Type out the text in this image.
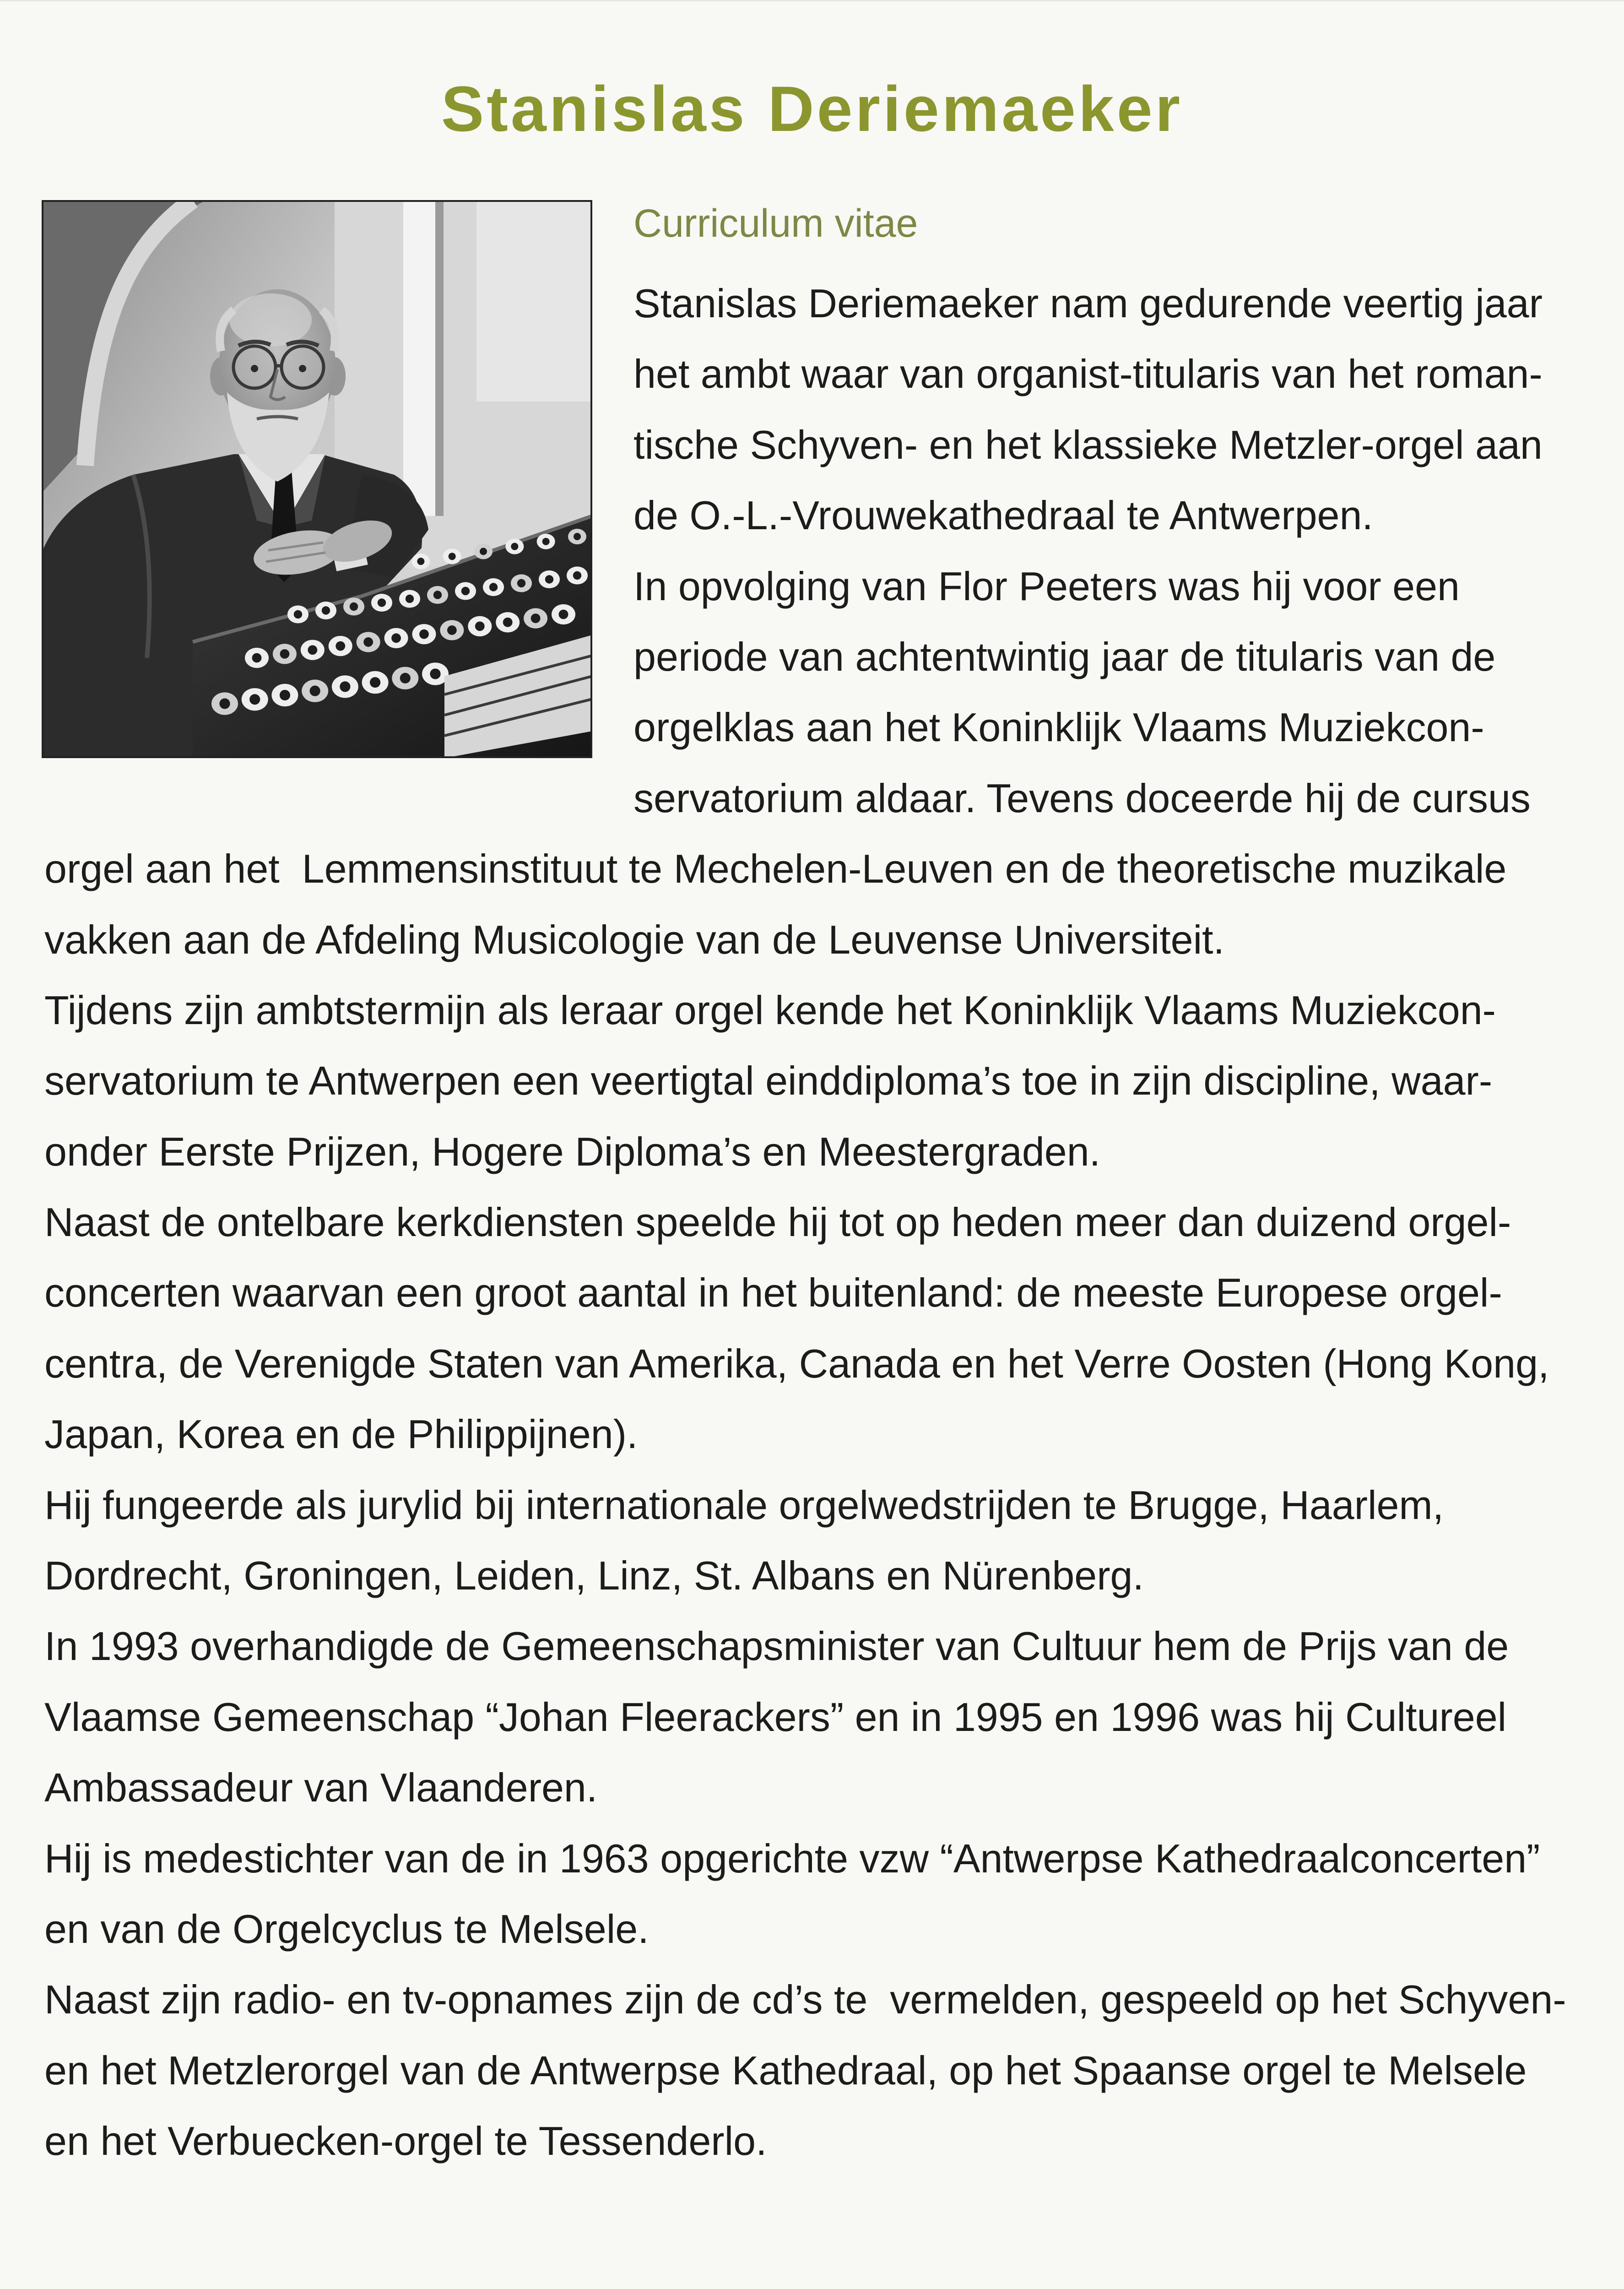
Stanislas Deriemaeker
Curriculum vitae
Stanislas Deriemaeker nam gedurende veertig jaar
het ambt waar van organist-titularis van het roman-
tische Schyven- en het klassieke Metzler-orgel aan
de O.-L.-Vrouwekathedraal te Antwerpen.
In opvolging van Flor Peeters was hij voor een
periode van achtentwintig jaar de titularis van de
orgelklas aan het Koninklijk Vlaams Muziekcon-
servatorium aldaar. Tevens doceerde hij de cursus
orgel aan het  Lemmensinstituut te Mechelen-Leuven en de theoretische muzikale
vakken aan de Afdeling Musicologie van de Leuvense Universiteit.
Tijdens zijn ambtstermijn als leraar orgel kende het Koninklijk Vlaams Muziekcon-
servatorium te Antwerpen een veertigtal einddiploma’s toe in zijn discipline, waar-
onder Eerste Prijzen, Hogere Diploma’s en Meestergraden.
Naast de ontelbare kerkdiensten speelde hij tot op heden meer dan duizend orgel-
concerten waarvan een groot aantal in het buitenland: de meeste Europese orgel-
centra, de Verenigde Staten van Amerika, Canada en het Verre Oosten (Hong Kong,
Japan, Korea en de Philippijnen).
Hij fungeerde als jurylid bij internationale orgelwedstrijden te Brugge, Haarlem,
Dordrecht, Groningen, Leiden, Linz, St. Albans en Nürenberg.
In 1993 overhandigde de Gemeenschapsminister van Cultuur hem de Prijs van de
Vlaamse Gemeenschap “Johan Fleerackers” en in 1995 en 1996 was hij Cultureel
Ambassadeur van Vlaanderen.
Hij is medestichter van de in 1963 opgerichte vzw “Antwerpse Kathedraalconcerten”
en van de Orgelcyclus te Melsele.
Naast zijn radio- en tv-opnames zijn de cd’s te  vermelden, gespeeld op het Schyven-
en het Metzlerorgel van de Antwerpse Kathedraal, op het Spaanse orgel te Melsele
en het Verbuecken-orgel te Tessenderlo.
